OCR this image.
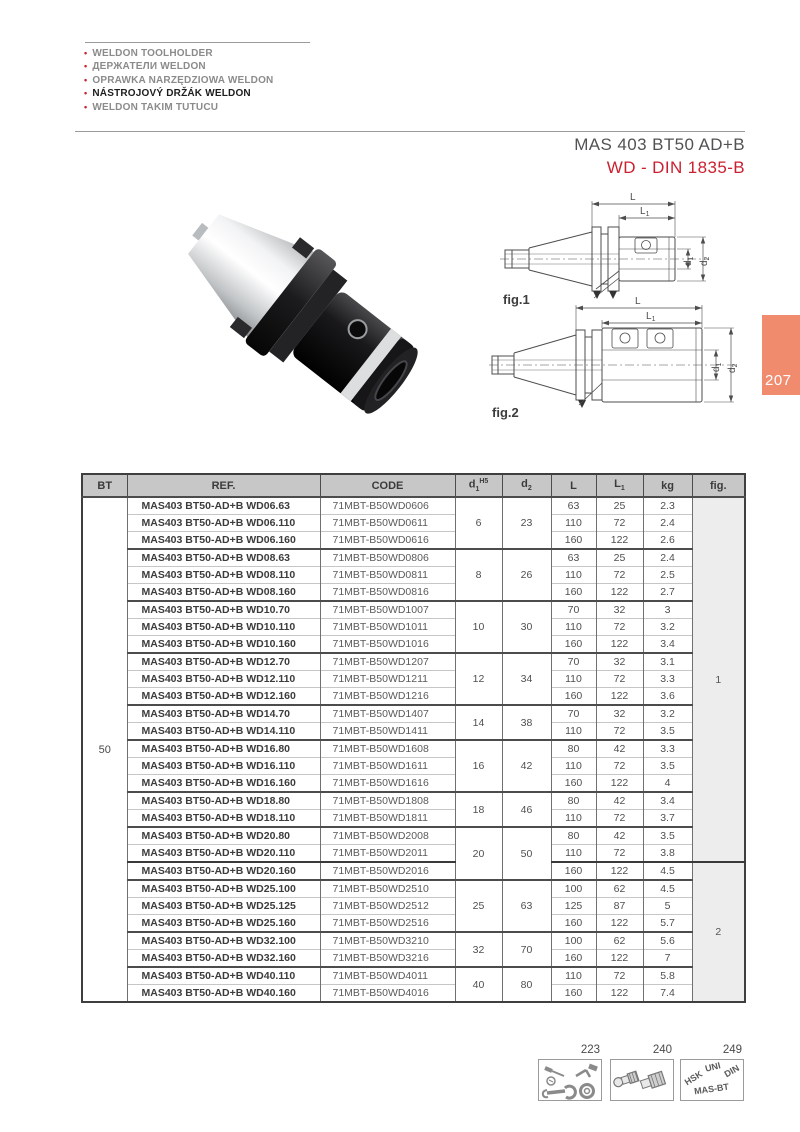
• WELDON TOOLHOLDER
• ДЕРЖАТЕЛИ WELDON
• OPRAWKA NARZĘDZIOWA WELDON
• NÁSTROJOVÝ DRŽÁK WELDON
• WELDON TAKIM TUTUCU
MAS 403 BT50 AD+B
WD - DIN 1835-B
L
$L_1$
$d_1$
$d_2$
fig.1	L
$L_1$
$d_1$
$d_2$
fig.2
207
BT	REF.	CODE	$d_1^{H5}$	$d_2$	L	$L_1$	kg	fig.
50	MAS403 BT50-AD+B WD06.63	71MBT-B50WD0606	6	23	63	25	2.3	1
	MAS403 BT50-AD+B WD06.110	71MBT-B50WD0611			110	72	2.4	
	MAS403 BT50-AD+B WD06.160	71MBT-B50WD0616			160	122	2.6	
	MAS403 BT50-AD+B WD08.63	71MBT-B50WD0806	8	26	63	25	2.4	
	MAS403 BT50-AD+B WD08.110	71MBT-B50WD0811			110	72	2.5	
	MAS403 BT50-AD+B WD08.160	71MBT-B50WD0816			160	122	2.7	
	MAS403 BT50-AD+B WD10.70	71MBT-B50WD1007	10	30	70	32	3	
	MAS403 BT50-AD+B WD10.110	71MBT-B50WD1011			110	72	3.2	
	MAS403 BT50-AD+B WD10.160	71MBT-B50WD1016			160	122	3.4	
	MAS403 BT50-AD+B WD12.70	71MBT-B50WD1207	12	34	70	32	3.1	
	MAS403 BT50-AD+B WD12.110	71MBT-B50WD1211			110	72	3.3	
	MAS403 BT50-AD+B WD12.160	71MBT-B50WD1216			160	122	3.6	
	MAS403 BT50-AD+B WD14.70	71MBT-B50WD1407	14	38	70	32	3.2	
	MAS403 BT50-AD+B WD14.110	71MBT-B50WD1411			110	72	3.5	
	MAS403 BT50-AD+B WD16.80	71MBT-B50WD1608	16	42	80	42	3.3	
	MAS403 BT50-AD+B WD16.110	71MBT-B50WD1611			110	72	3.5	
	MAS403 BT50-AD+B WD16.160	71MBT-B50WD1616			160	122	4	
	MAS403 BT50-AD+B WD18.80	71MBT-B50WD1808	18	46	80	42	3.4	
	MAS403 BT50-AD+B WD18.110	71MBT-B50WD1811			110	72	3.7	
	MAS403 BT50-AD+B WD20.80	71MBT-B50WD2008	20	50	80	42	3.5	
	MAS403 BT50-AD+B WD20.110	71MBT-B50WD2011			110	72	3.8	
	MAS403 BT50-AD+B WD20.160	71MBT-B50WD2016			160	122	4.5	2
	MAS403 BT50-AD+B WD25.100	71MBT-B50WD2510	25	63	100	62	4.5	
	MAS403 BT50-AD+B WD25.125	71MBT-B50WD2512			125	87	5	
	MAS403 BT50-AD+B WD25.160	71MBT-B50WD2516			160	122	5.7	
	MAS403 BT50-AD+B WD32.100	71MBT-B50WD3210	32	70	100	62	5.6	
	MAS403 BT50-AD+B WD32.160	71MBT-B50WD3216			160	122	7	
	MAS403 BT50-AD+B WD40.110	71MBT-B50WD4011	40	80	110	72	5.8	
	MAS403 BT50-AD+B WD40.160	71MBT-B50WD4016			160	122	7.4	
223	240	249
UNI DIN
HSK
MAS-BT
